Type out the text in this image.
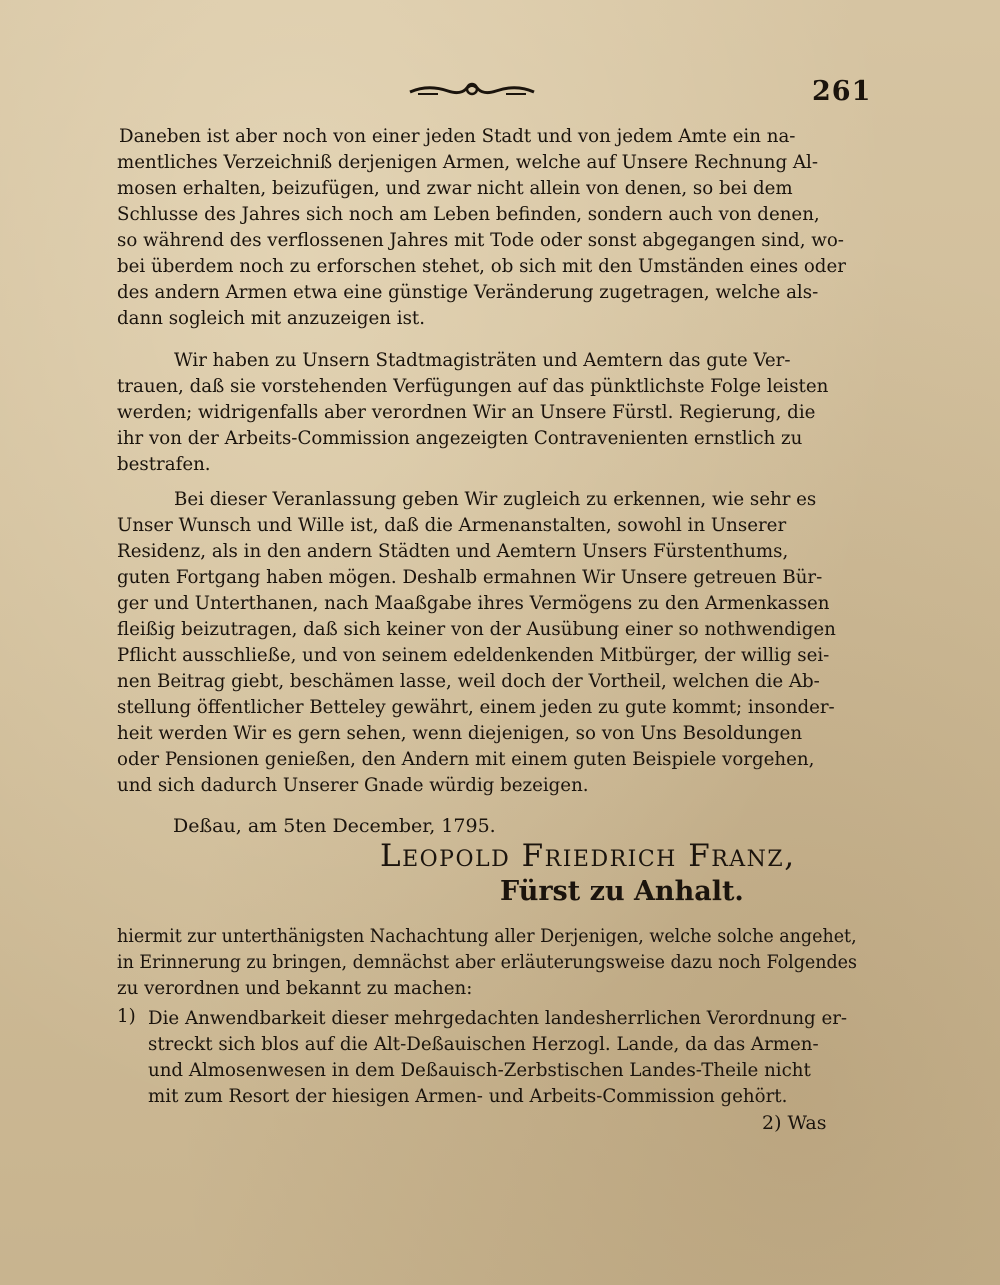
261
Daneben ist aber noch von einer jeden Stadt und von jedem Amte ein na-
mentliches Verzeichniß derjenigen Armen, welche auf Unsere Rechnung Al-
mosen erhalten, beizufügen, und zwar nicht allein von denen, so bei dem
Schlusse des Jahres sich noch am Leben befinden, sondern auch von denen,
so während des verflossenen Jahres mit Tode oder sonst abgegangen sind, wo-
bei überdem noch zu erforschen stehet, ob sich mit den Umständen eines oder
des andern Armen etwa eine günstige Veränderung zugetragen, welche als-
dann sogleich mit anzuzeigen ist.
Wir haben zu Unsern Stadtmagisträten und Aemtern das gute Ver-
trauen, daß sie vorstehenden Verfügungen auf das pünktlichste Folge leisten
werden; widrigenfalls aber verordnen Wir an Unsere Fürstl. Regierung, die
ihr von der Arbeits-Commission angezeigten Contravenienten ernstlich zu
bestrafen.
Bei dieser Veranlassung geben Wir zugleich zu erkennen, wie sehr es
Unser Wunsch und Wille ist, daß die Armenanstalten, sowohl in Unserer
Residenz, als in den andern Städten und Aemtern Unsers Fürstenthums,
guten Fortgang haben mögen. Deshalb ermahnen Wir Unsere getreuen Bür-
ger und Unterthanen, nach Maaßgabe ihres Vermögens zu den Armenkassen
fleißig beizutragen, daß sich keiner von der Ausübung einer so nothwendigen
Pflicht ausschließe, und von seinem edeldenkenden Mitbürger, der willig sei-
nen Beitrag giebt, beschämen lasse, weil doch der Vortheil, welchen die Ab-
stellung öffentlicher Betteley gewährt, einem jeden zu gute kommt; insonder-
heit werden Wir es gern sehen, wenn diejenigen, so von Uns Besoldungen
oder Pensionen genießen, den Andern mit einem guten Beispiele vorgehen,
und sich dadurch Unserer Gnade würdig bezeigen.
Deßau, am 5ten December, 1795.
Leopold Friedrich Franz,
Fürst zu Anhalt.
hiermit zur unterthänigsten Nachachtung aller Derjenigen, welche solche angehet,
in Erinnerung zu bringen, demnächst aber erläuterungsweise dazu noch Folgendes
zu verordnen und bekannt zu machen:
1) Die Anwendbarkeit dieser mehrgedachten landesherrlichen Verordnung er-
streckt sich blos auf die Alt-Deßauischen Herzogl. Lande, da das Armen-
und Almosenwesen in dem Deßauisch-Zerbstischen Landes-Theile nicht
mit zum Resort der hiesigen Armen- und Arbeits-Commission gehört.
2) Was
